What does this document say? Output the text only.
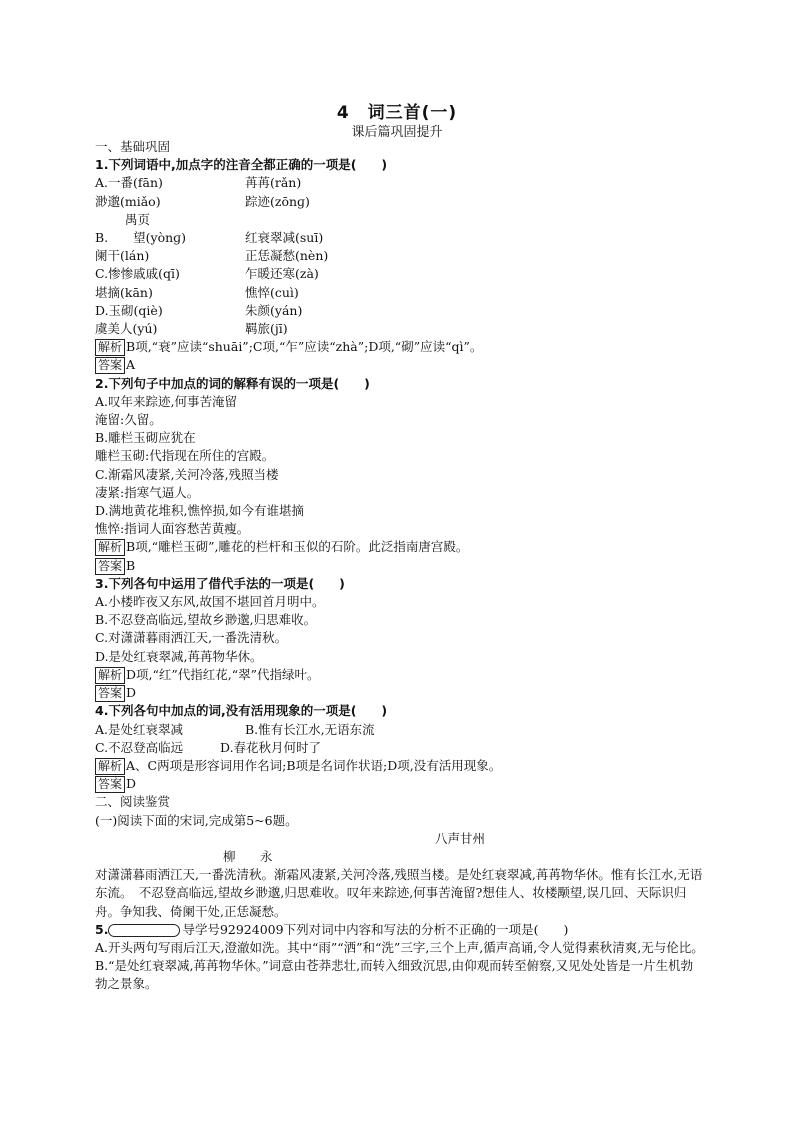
4　词三首(一)
课后篇巩固提升
一、基础巩固
1.下列词语中,加点字的注音全都正确的一项是(　　)
A.一番(fān)	苒苒(rǎn)
渺邈(miǎo)	踪迹(zōnɡ)
禺页
B.　　望(yònɡ)	红衰翠减(suī)
阑干(lán)	正恁凝愁(nèn)
C.惨惨戚戚(qī)	乍暖还寒(zà)
堪摘(kān)	憔悴(cuì)
D.玉砌(qiè)	朱颜(yán)
虞美人(yú)	羁旅(jī)
解析 B项,“衰”应读“shuāi”;C项,“乍”应读“zhà”;D项,“砌”应读“qì”。
答案 A
2.下列句子中加点的词的解释有误的一项是(　　)
A.叹年来踪迹,何事苦淹留
淹留:久留。
B.雕栏玉砌应犹在
雕栏玉砌:代指现在所住的宫殿。
C.渐霜风凄紧,关河冷落,残照当楼
凄紧:指寒气逼人。
D.满地黄花堆积,憔悴损,如今有谁堪摘
憔悴:指词人面容愁苦黄瘦。
解析 B项,“雕栏玉砌”,雕花的栏杆和玉似的石阶。此泛指南唐宫殿。
答案 B
3.下列各句中运用了借代手法的一项是(　　)
A.小楼昨夜又东风,故国不堪回首月明中。
B.不忍登高临远,望故乡渺邈,归思难收。
C.对潇潇暮雨洒江天,一番洗清秋。
D.是处红衰翠减,苒苒物华休。
解析 D项,“红”代指红花,“翠”代指绿叶。
答案 D
4.下列各句中加点的词,没有活用现象的一项是(　　)
A.是处红衰翠减	B.惟有长江水,无语东流
C.不忍登高临远	D.春花秋月何时了
解析 A、C两项是形容词用作名词;B项是名词作状语;D项,没有活用现象。
答案 D
二、阅读鉴赏
(一)阅读下面的宋词,完成第5~6题。
八声甘州
柳　永
对潇潇暮雨洒江天,一番洗清秋。渐霜风凄紧,关河冷落,残照当楼。是处红衰翠减,苒苒物华休。惟有长江水,无语东流。　不忍登高临远,望故乡渺邈,归思难收。叹年来踪迹,何事苦淹留?想佳人、妆楼颙望,误几回、天际识归舟。争知我、倚阑干处,正恁凝愁。
5.	导学号92924009下列对词中内容和写法的分析不正确的一项是(　　)
A.开头两句写雨后江天,澄澈如洗。其中“雨”“洒”和“洗”三字,三个上声,循声高诵,令人觉得素秋清爽,无与伦比。
B.“是处红衰翠减,苒苒物华休。”词意由苍莽悲壮,而转入细致沉思,由仰观而转至俯察,又见处处皆是一片生机勃勃之景象。
